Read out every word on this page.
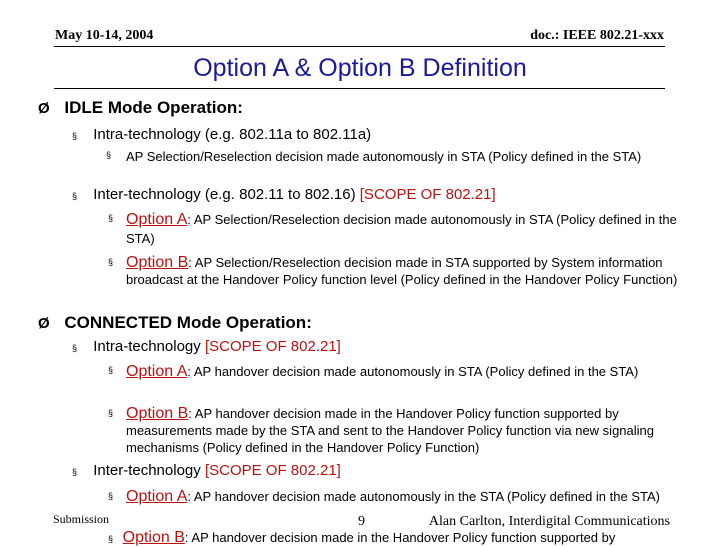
May 10-14, 2004	doc.: IEEE 802.21-xxx
Option A & Option B Definition
Ø IDLE Mode Operation:
§ Intra-technology (e.g. 802.11a to 802.11a)
§ AP Selection/Reselection decision made autonomously in STA (Policy defined in the STA)
§ Inter-technology (e.g. 802.11 to 802.16) [SCOPE OF 802.21]
§ Option A: AP Selection/Reselection decision made autonomously in STA (Policy defined in the STA)
§ Option B: AP Selection/Reselection decision made in STA supported by System information broadcast at the Handover Policy function level (Policy defined in the Handover Policy Function)
Ø CONNECTED Mode Operation:
§ Intra-technology [SCOPE OF 802.21]
§ Option A: AP handover decision made autonomously in STA (Policy defined in the STA)
§ Option B: AP handover decision made in the Handover Policy function supported by measurements made by the STA and sent to the Handover Policy function via new signaling mechanisms (Policy defined in the Handover Policy Function)
§ Inter-technology [SCOPE OF 802.21]
§ Option A: AP handover decision made autonomously in the STA (Policy defined in the STA)
§ Option B: AP handover decision made in the Handover Policy function supported by
Submission	9	Alan Carlton, Interdigital Communications
